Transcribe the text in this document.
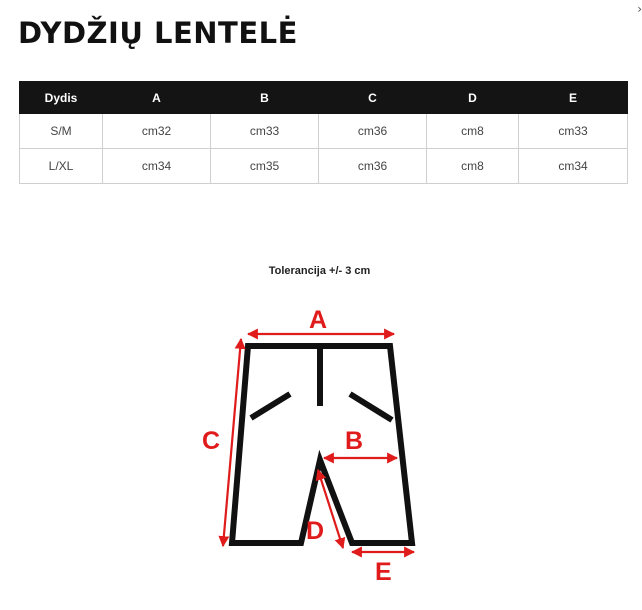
DYDŽIŲ LENTELĖ
›
Dydis	A	B	C	D	E
S/M	cm32	cm33	cm36	cm8	cm33
L/XL	cm34	cm35	cm36	cm8	cm34
Tolerancija +/- 3 cm
A
B
C
D
E
